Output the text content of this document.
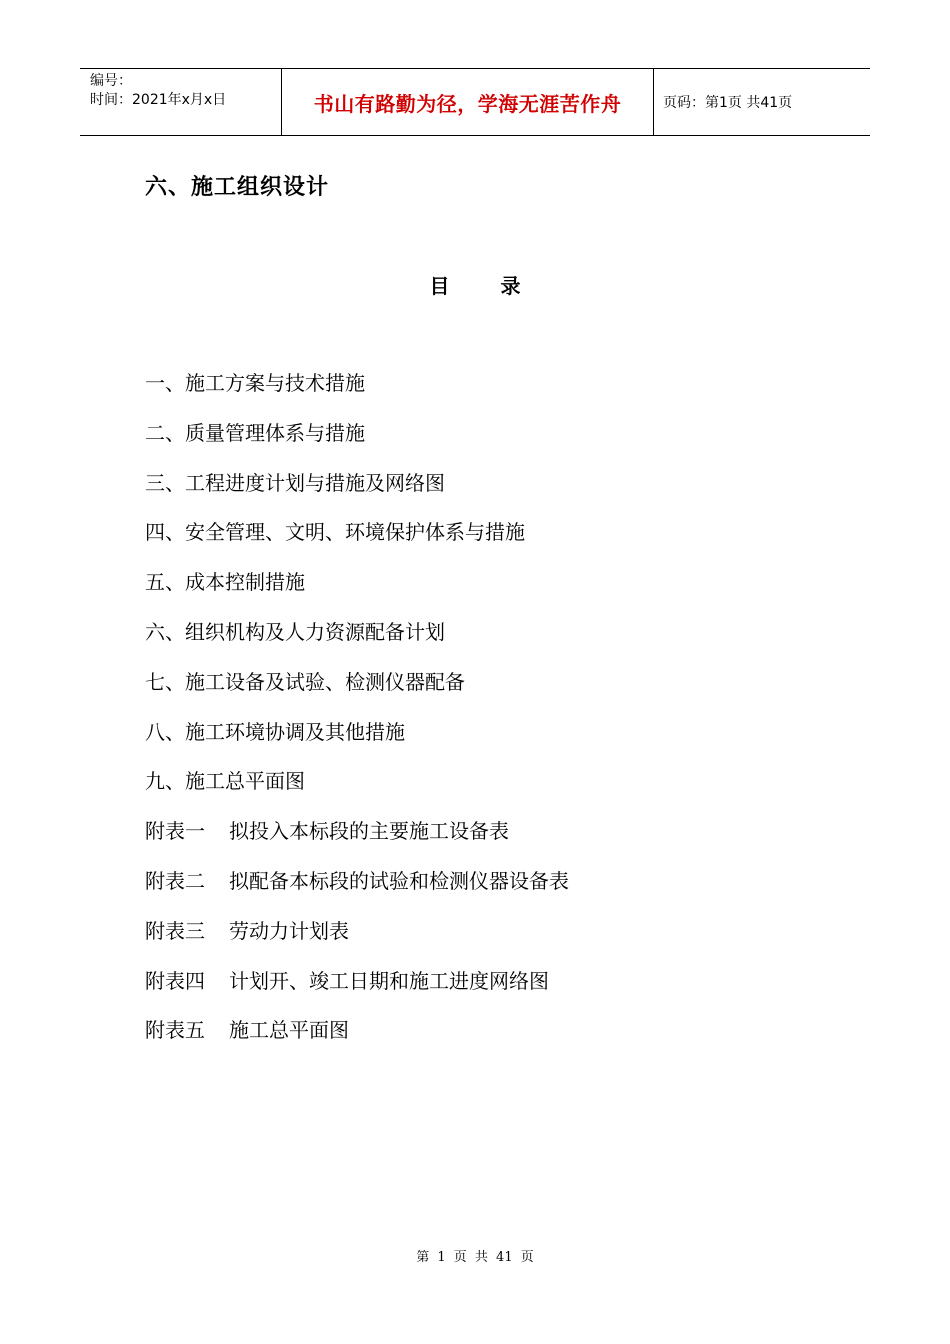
编号：
时间：2021年x月x日	书山有路勤为径，学海无涯苦作舟	页码：第1页 共41页
六、施工组织设计
目 录
一、施工方案与技术措施
二、质量管理体系与措施
三、工程进度计划与措施及网络图
四、安全管理、文明、环境保护体系与措施
五、成本控制措施
六、组织机构及人力资源配备计划
七、施工设备及试验、检测仪器配备
八、施工环境协调及其他措施
九、施工总平面图
附表一 拟投入本标段的主要施工设备表
附表二 拟配备本标段的试验和检测仪器设备表
附表三 劳动力计划表
附表四 计划开、竣工日期和施工进度网络图
附表五 施工总平面图
第 1 页 共 41 页
